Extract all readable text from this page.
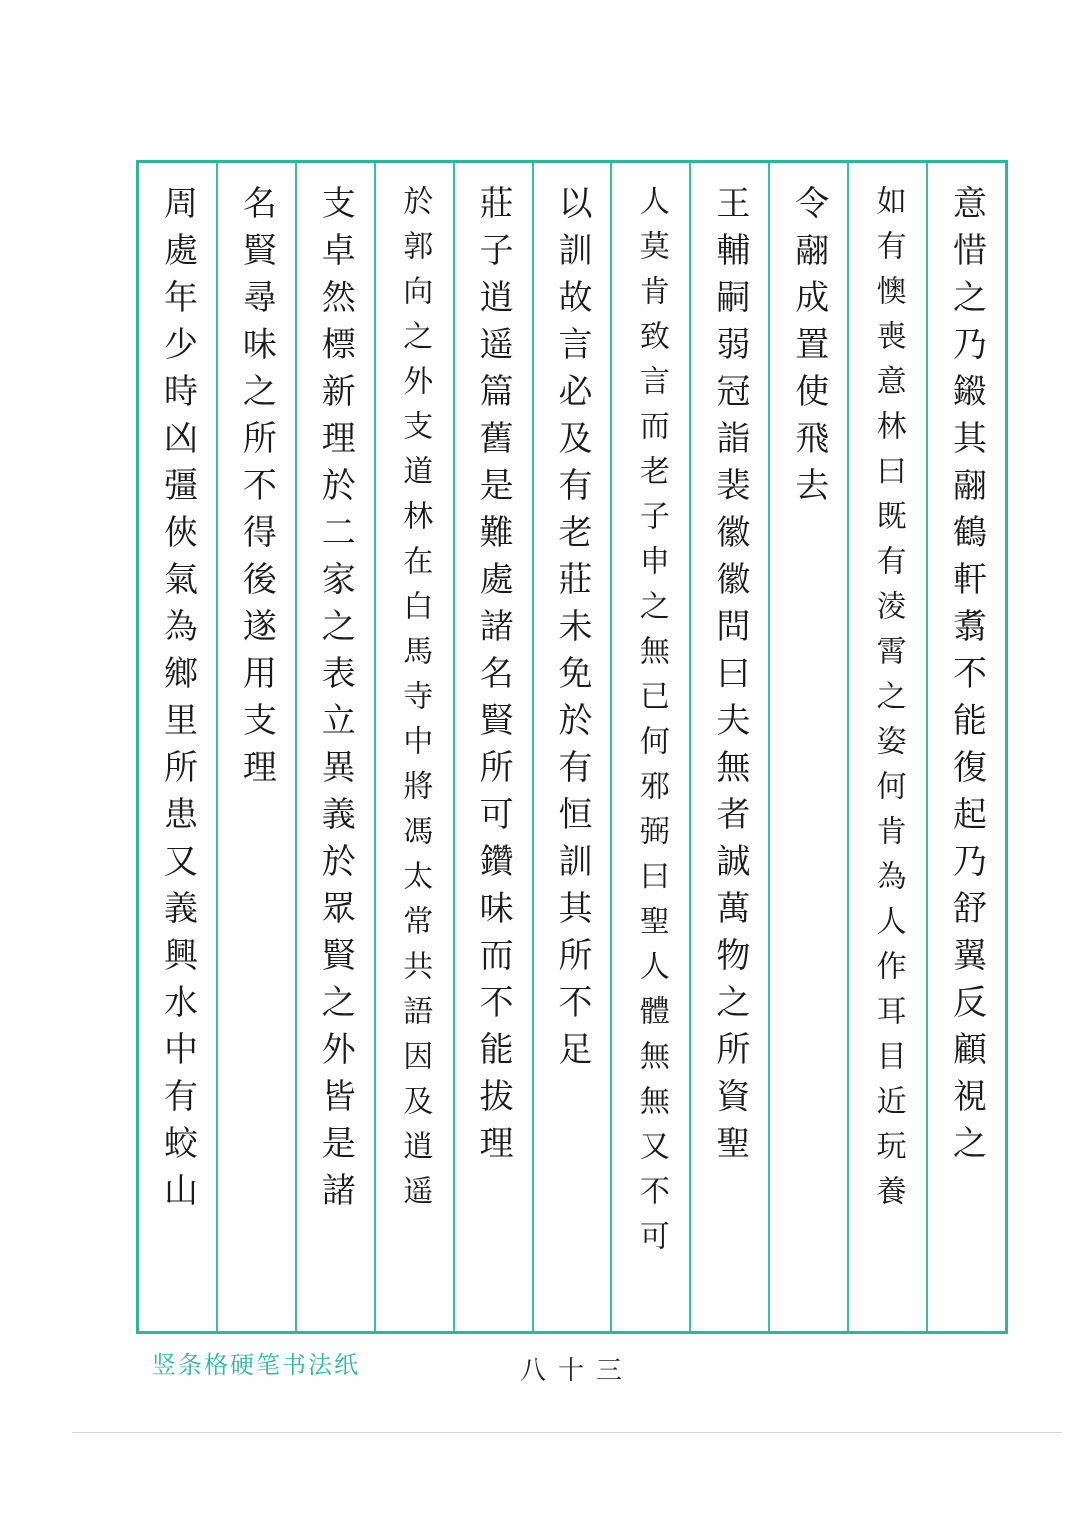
意惜之乃鎩其翮鶴軒翥不能復起乃舒翼反顧視之
如有懊喪意林曰既有淩霄之姿何肯為人作耳目近玩養
令翮成置使飛去
王輔嗣弱冠詣裴徽徽問曰夫無者誠萬物之所資聖
人莫肯致言而老子申之無已何邪弼曰聖人體無無又不可
以訓故言必及有老莊未免於有恒訓其所不足
莊子逍遥篇舊是難處諸名賢所可鑽味而不能拔理
於郭向之外支道林在白馬寺中將馮太常共語因及逍遥
支卓然標新理於二家之表立異義於眾賢之外皆是諸
名賢尋味之所不得後遂用支理
周處年少時凶彊俠氣為鄉里所患又義興水中有蛟山
竖条格硬笔书法纸	八十三
